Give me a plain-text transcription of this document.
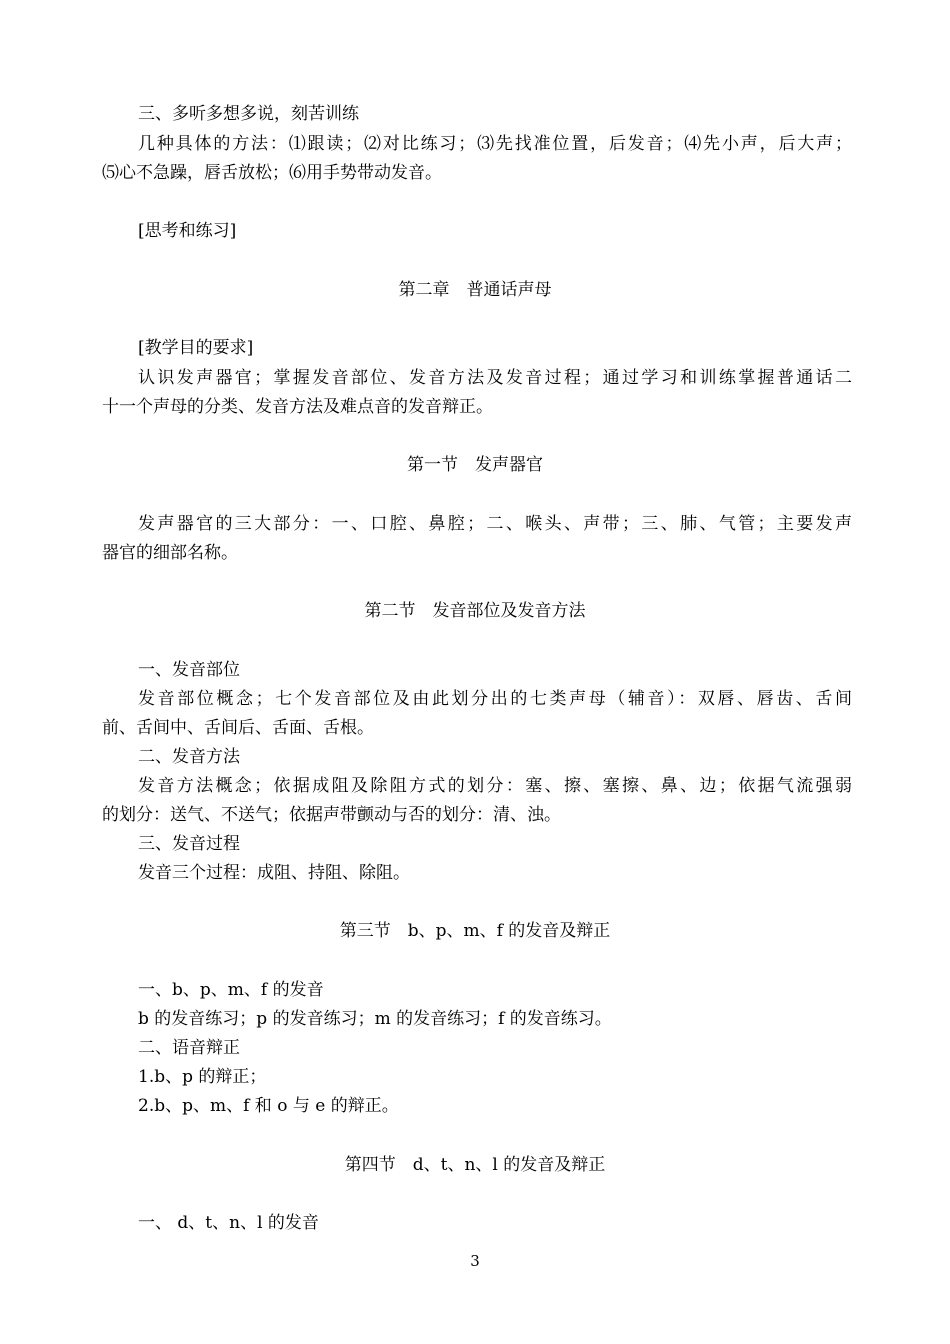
三、多听多想多说，刻苦训练
几种具体的方法：⑴跟读；⑵对比练习；⑶先找准位置，后发音；⑷先小声，后大声；
⑸心不急躁，唇舌放松；⑹用手势带动发音。
[思考和练习]
第二章　普通话声母
[教学目的要求]
认识发声器官；掌握发音部位、发音方法及发音过程；通过学习和训练掌握普通话二
十一个声母的分类、发音方法及难点音的发音辩正。
第一节　发声器官
发声器官的三大部分：一、口腔、鼻腔；二、喉头、声带；三、肺、气管；主要发声
器官的细部名称。
第二节　发音部位及发音方法
一、发音部位
发音部位概念；七个发音部位及由此划分出的七类声母（辅音）：双唇、唇齿、舌间
前、舌间中、舌间后、舌面、舌根。
二、发音方法
发音方法概念；依据成阻及除阻方式的划分：塞、擦、塞擦、鼻、边；依据气流强弱
的划分：送气、不送气；依据声带颤动与否的划分：清、浊。
三、发音过程
发音三个过程：成阻、持阻、除阻。
第三节　b、p、m、f 的发音及辩正
一、b、p、m、f 的发音
b 的发音练习；p 的发音练习；m 的发音练习；f 的发音练习。
二、语音辩正
1.b、p 的辩正；
2.b、p、m、f 和 o 与 e 的辩正。
第四节　d、t、n、l 的发音及辩正
一、 d、t、n、l 的发音
3
